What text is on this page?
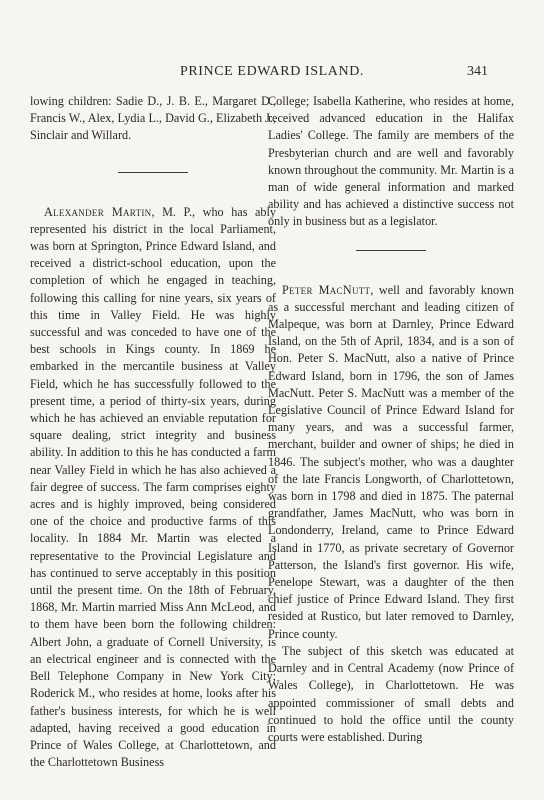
PRINCE EDWARD ISLAND.	341

lowing children: Sadie D., J. B. E., Margaret D., Francis W., Alex, Lydia L., David G., Elizabeth J., Sinclair and Willard.

Alexander Martin, M. P., who has ably represented his district in the local Parliament, was born at Springton, Prince Edward Island, and received a district-school education, upon the completion of which he engaged in teaching, following this calling for nine years, six years of this time in Valley Field. He was highly successful and was conceded to have one of the best schools in Kings county. In 1869 he embarked in the mercantile business at Valley Field, which he has successfully followed to the present time, a period of thirty-six years, during which he has achieved an enviable reputation for square dealing, strict integrity and business ability. In addition to this he has conducted a farm near Valley Field in which he has also achieved a fair degree of success. The farm comprises eighty acres and is highly improved, being considered one of the choice and productive farms of this locality. In 1884 Mr. Martin was elected a representative to the Provincial Legislature and has continued to serve acceptably in this position until the present time. On the 18th of February, 1868, Mr. Martin married Miss Ann McLeod, and to them have been born the following children: Albert John, a graduate of Cornell University, is an electrical engineer and is connected with the Bell Telephone Company in New York City; Roderick M., who resides at home, looks after his father's business interests, for which he is well adapted, having received a good education in Prince of Wales College, at Charlottetown, and the Charlottetown Business

College; Isabella Katherine, who resides at home, received advanced education in the Halifax Ladies' College. The family are members of the Presbyterian church and are well and favorably known throughout the community. Mr. Martin is a man of wide general information and marked ability and has achieved a distinctive success not only in business but as a legislator.

Peter MacNutt, well and favorably known as a successful merchant and leading citizen of Malpeque, was born at Darnley, Prince Edward Island, on the 5th of April, 1834, and is a son of Hon. Peter S. MacNutt, also a native of Prince Edward Island, born in 1796, the son of James MacNutt. Peter S. MacNutt was a member of the Legislative Council of Prince Edward Island for many years, and was a successful farmer, merchant, builder and owner of ships; he died in 1846. The subject's mother, who was a daughter of the late Francis Longworth, of Charlottetown, was born in 1798 and died in 1875. The paternal grandfather, James MacNutt, who was born in Londonderry, Ireland, came to Prince Edward Island in 1770, as private secretary of Governor Patterson, the Island's first governor. His wife, Penelope Stewart, was a daughter of the then chief justice of Prince Edward Island. They first resided at Rustico, but later removed to Darnley, Prince county.

The subject of this sketch was educated at Darnley and in Central Academy (now Prince of Wales College), in Charlottetown. He was appointed commissioner of small debts and continued to hold the office until the county courts were established. During
